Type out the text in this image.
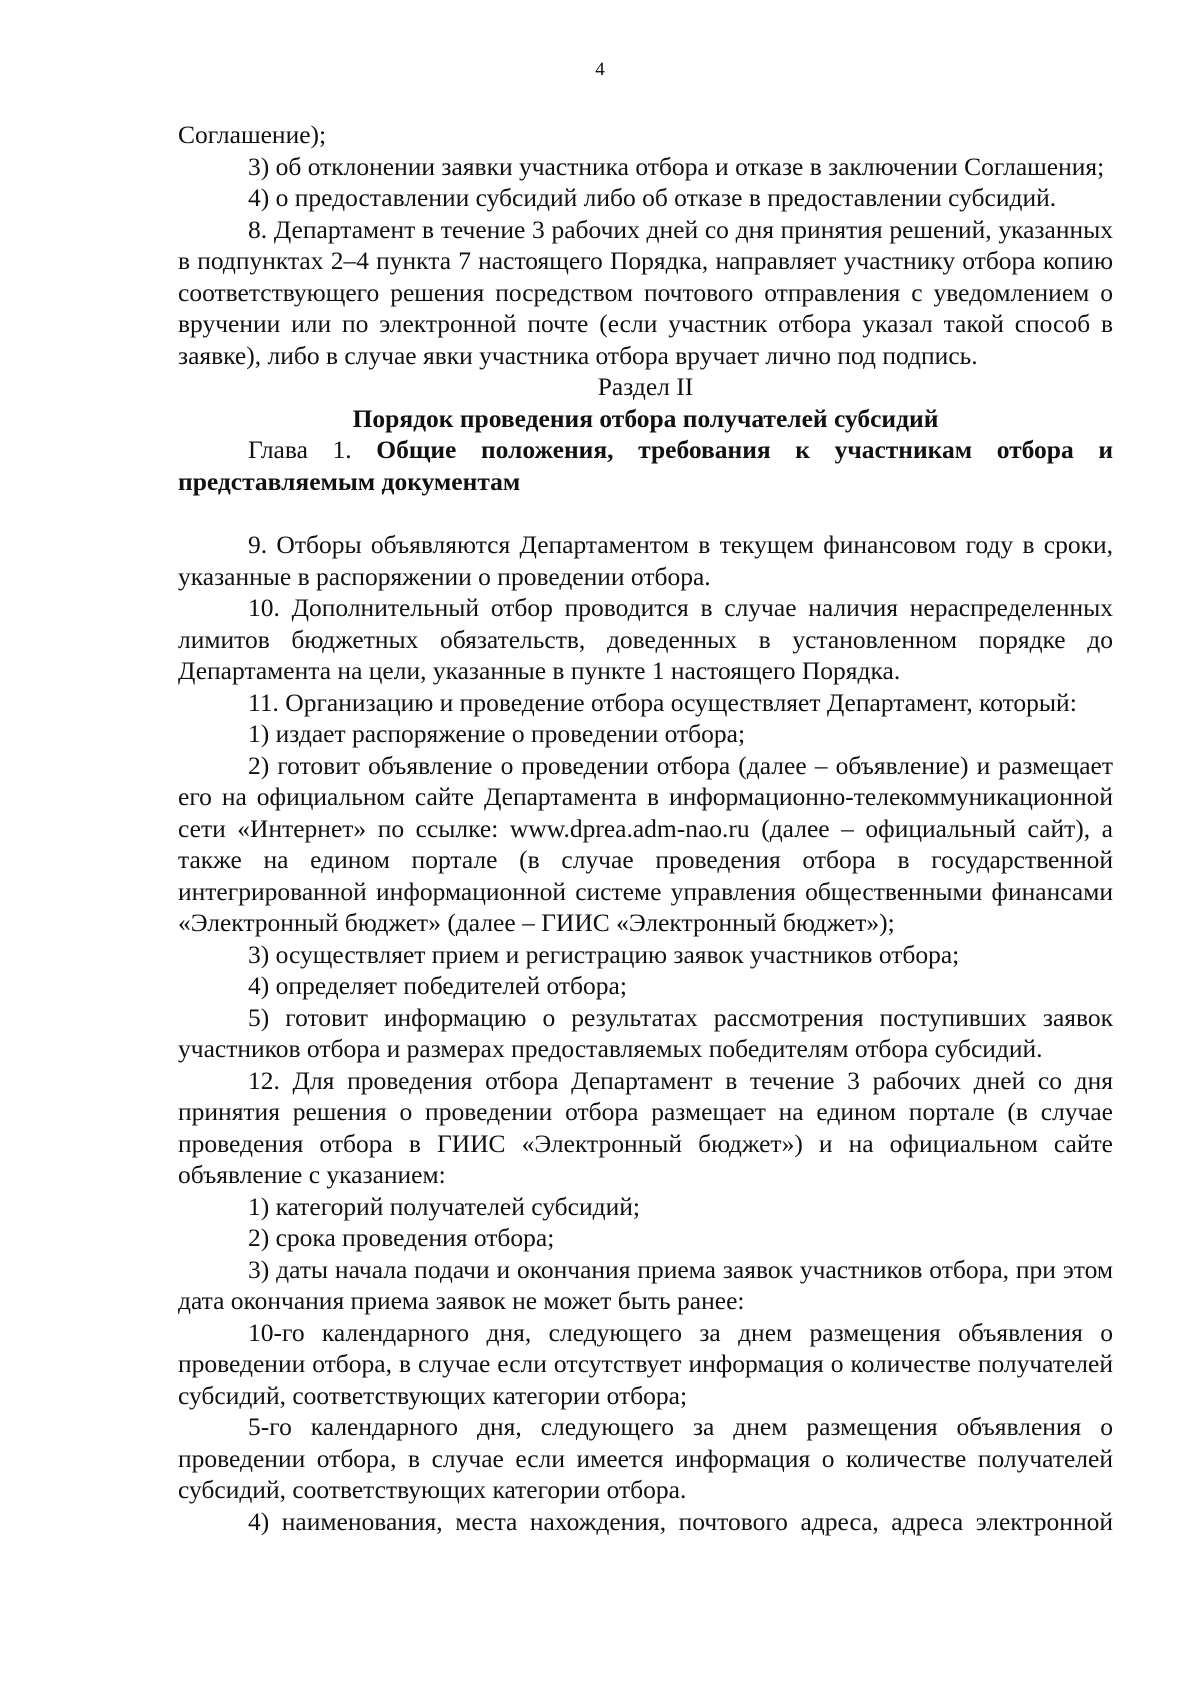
4

Соглашение);

3) об отклонении заявки участника отбора и отказе в заключении Соглашения;

4) о предоставлении субсидий либо об отказе в предоставлении субсидий.

8. Департамент в течение 3 рабочих дней со дня принятия решений, указанных в подпунктах 2–4 пункта 7 настоящего Порядка, направляет участнику отбора копию соответствующего решения посредством почтового отправления с уведомлением о вручении или по электронной почте (если участник отбора указал такой способ в заявке), либо в случае явки участника отбора вручает лично под подпись.

Раздел II

Порядок проведения отбора получателей субсидий

Глава 1. Общие положения, требования к участникам отбора и представляемым документам

9. Отборы объявляются Департаментом в текущем финансовом году в сроки, указанные в распоряжении о проведении отбора.

10. Дополнительный отбор проводится в случае наличия нераспределенных лимитов бюджетных обязательств, доведенных в установленном порядке до Департамента на цели, указанные в пункте 1 настоящего Порядка.

11. Организацию и проведение отбора осуществляет Департамент, который:

1) издает распоряжение о проведении отбора;

2) готовит объявление о проведении отбора (далее – объявление) и размещает его на официальном сайте Департамента в информационно-телекоммуникационной сети «Интернет» по ссылке: www.dprea.adm-nao.ru (далее – официальный сайт), а также на едином портале (в случае проведения отбора в государственной интегрированной информационной системе управления общественными финансами «Электронный бюджет» (далее – ГИИС «Электронный бюджет»);

3) осуществляет прием и регистрацию заявок участников отбора;

4) определяет победителей отбора;

5) готовит информацию о результатах рассмотрения поступивших заявок участников отбора и размерах предоставляемых победителям отбора субсидий.

12. Для проведения отбора Департамент в течение 3 рабочих дней со дня принятия решения о проведении отбора размещает на едином портале (в случае проведения отбора в ГИИС «Электронный бюджет») и на официальном сайте объявление с указанием:

1) категорий получателей субсидий;

2) срока проведения отбора;

3) даты начала подачи и окончания приема заявок участников отбора, при этом дата окончания приема заявок не может быть ранее:

10-го календарного дня, следующего за днем размещения объявления о проведении отбора, в случае если отсутствует информация о количестве получателей субсидий, соответствующих категории отбора;

5-го календарного дня, следующего за днем размещения объявления о проведении отбора, в случае если имеется информация о количестве получателей субсидий, соответствующих категории отбора.

4) наименования, места нахождения, почтового адреса, адреса электронной
